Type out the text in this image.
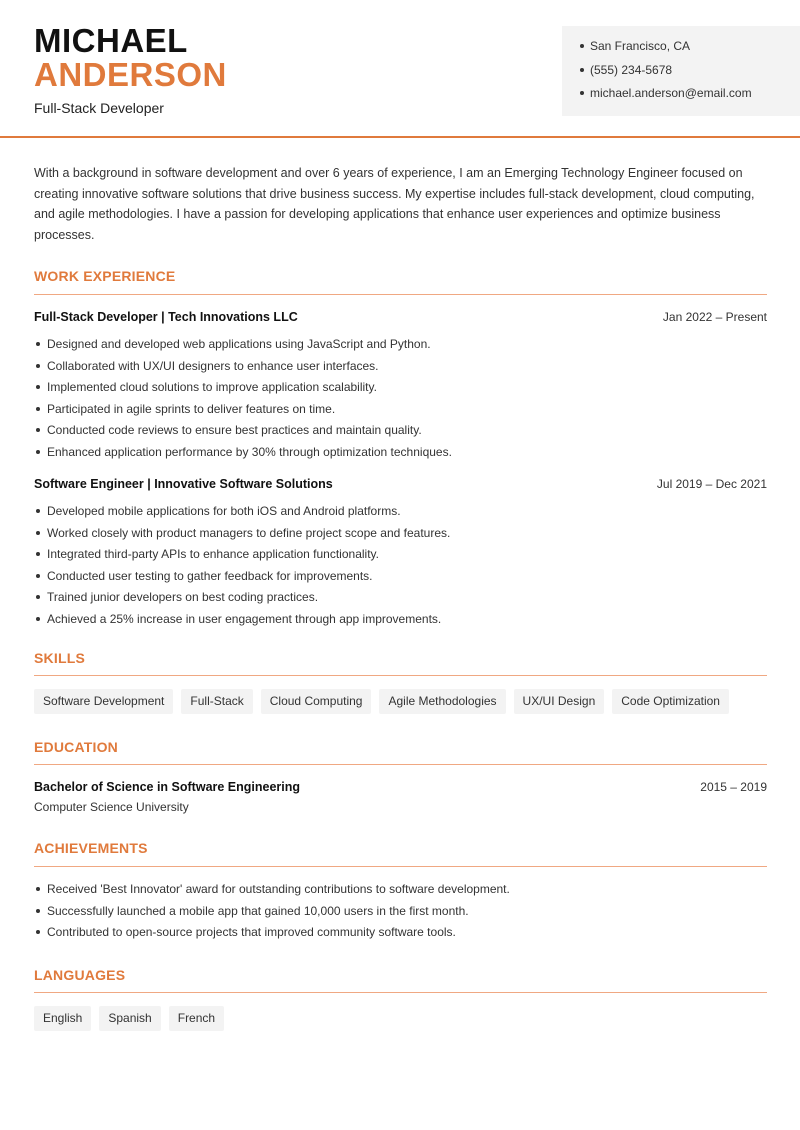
MICHAEL
ANDERSON
Full-Stack Developer
San Francisco, CA
(555) 234-5678
michael.anderson@email.com

With a background in software development and over 6 years of experience, I am an Emerging Technology Engineer focused on creating innovative software solutions that drive business success. My expertise includes full-stack development, cloud computing, and agile methodologies. I have a passion for developing applications that enhance user experiences and optimize business processes.

WORK EXPERIENCE
Full-Stack Developer | Tech Innovations LLC	Jan 2022 – Present
Designed and developed web applications using JavaScript and Python.
Collaborated with UX/UI designers to enhance user interfaces.
Implemented cloud solutions to improve application scalability.
Participated in agile sprints to deliver features on time.
Conducted code reviews to ensure best practices and maintain quality.
Enhanced application performance by 30% through optimization techniques.
Software Engineer | Innovative Software Solutions	Jul 2019 – Dec 2021
Developed mobile applications for both iOS and Android platforms.
Worked closely with product managers to define project scope and features.
Integrated third-party APIs to enhance application functionality.
Conducted user testing to gather feedback for improvements.
Trained junior developers on best coding practices.
Achieved a 25% increase in user engagement through app improvements.
SKILLS
Software Development	Full-Stack	Cloud Computing	Agile Methodologies	UX/UI Design	Code Optimization
EDUCATION
Bachelor of Science in Software Engineering	2015 – 2019
Computer Science University
ACHIEVEMENTS
Received 'Best Innovator' award for outstanding contributions to software development.
Successfully launched a mobile app that gained 10,000 users in the first month.
Contributed to open-source projects that improved community software tools.
LANGUAGES
English	Spanish	French
